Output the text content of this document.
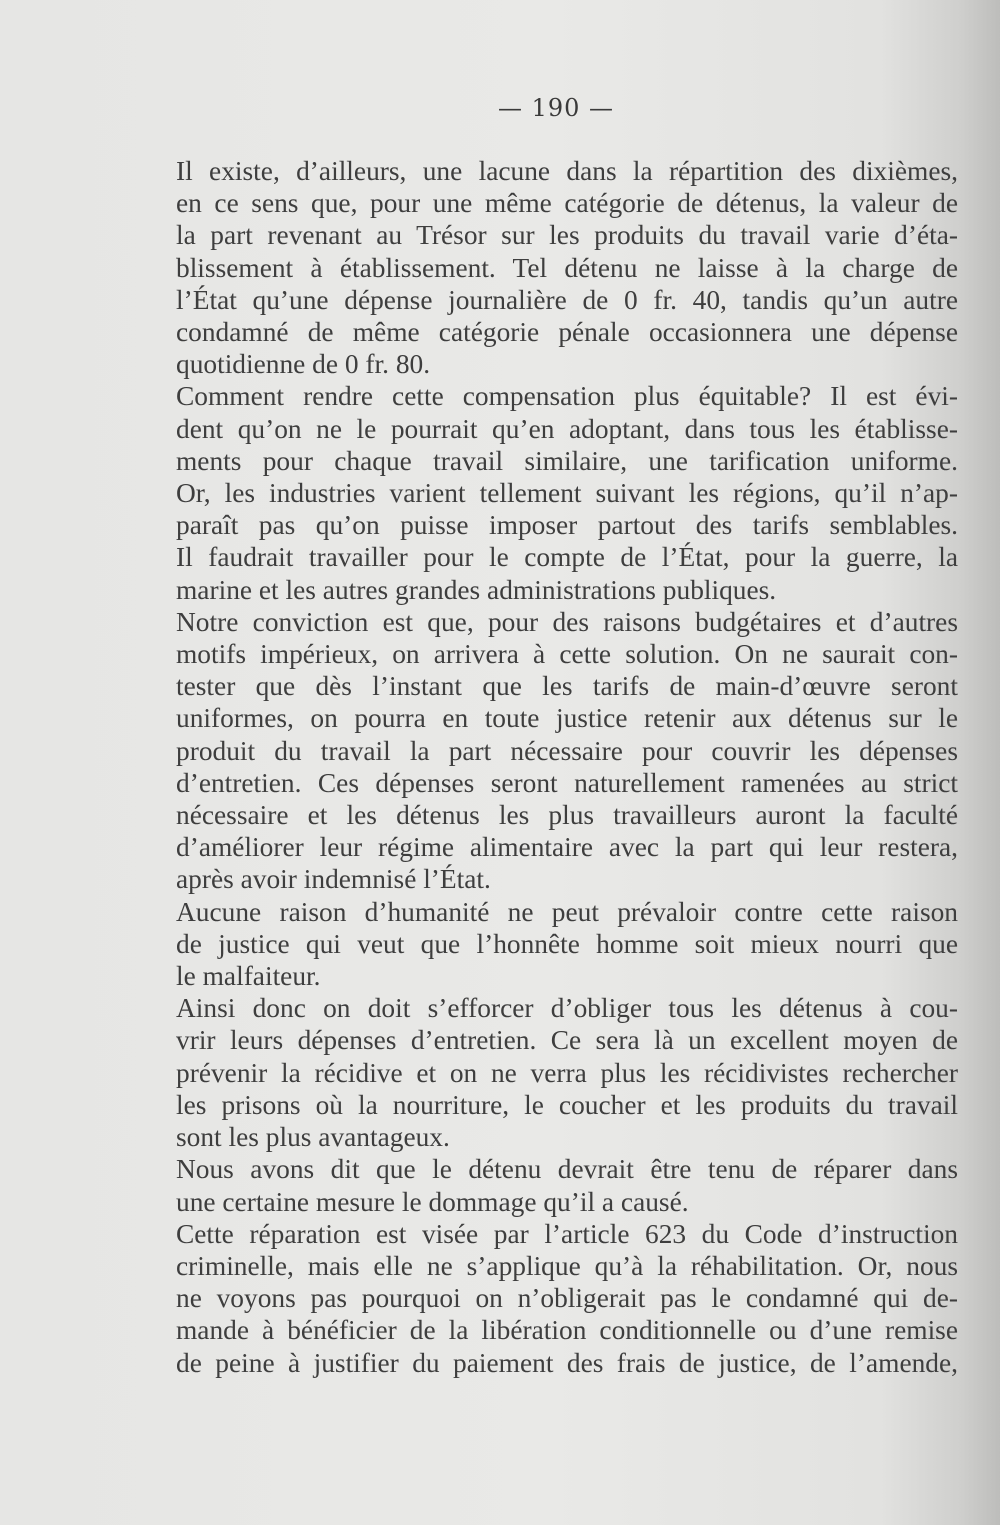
— 190 —

Il existe, d’ailleurs, une lacune dans la répartition des dixièmes,
en ce sens que, pour une même catégorie de détenus, la valeur de
la part revenant au Trésor sur les produits du travail varie d’éta-
blissement à établissement. Tel détenu ne laisse à la charge de
l’État qu’une dépense journalière de 0 fr. 40, tandis qu’un autre
condamné de même catégorie pénale occasionnera une dépense
quotidienne de 0 fr. 80.

Comment rendre cette compensation plus équitable? Il est évi-
dent qu’on ne le pourrait qu’en adoptant, dans tous les établisse-
ments pour chaque travail similaire, une tarification uniforme.
Or, les industries varient tellement suivant les régions, qu’il n’ap-
paraît pas qu’on puisse imposer partout des tarifs semblables.
Il faudrait travailler pour le compte de l’État, pour la guerre, la
marine et les autres grandes administrations publiques.

Notre conviction est que, pour des raisons budgétaires et d’autres
motifs impérieux, on arrivera à cette solution. On ne saurait con-
tester que dès l’instant que les tarifs de main-d’œuvre seront
uniformes, on pourra en toute justice retenir aux détenus sur le
produit du travail la part nécessaire pour couvrir les dépenses
d’entretien. Ces dépenses seront naturellement ramenées au strict
nécessaire et les détenus les plus travailleurs auront la faculté
d’améliorer leur régime alimentaire avec la part qui leur restera,
après avoir indemnisé l’État.

Aucune raison d’humanité ne peut prévaloir contre cette raison
de justice qui veut que l’honnête homme soit mieux nourri que
le malfaiteur.

Ainsi donc on doit s’efforcer d’obliger tous les détenus à cou-
vrir leurs dépenses d’entretien. Ce sera là un excellent moyen de
prévenir la récidive et on ne verra plus les récidivistes rechercher
les prisons où la nourriture, le coucher et les produits du travail
sont les plus avantageux.

Nous avons dit que le détenu devrait être tenu de réparer dans
une certaine mesure le dommage qu’il a causé.

Cette réparation est visée par l’article 623 du Code d’instruction
criminelle, mais elle ne s’applique qu’à la réhabilitation. Or, nous
ne voyons pas pourquoi on n’obligerait pas le condamné qui de-
mande à bénéficier de la libération conditionnelle ou d’une remise
de peine à justifier du paiement des frais de justice, de l’amende,
